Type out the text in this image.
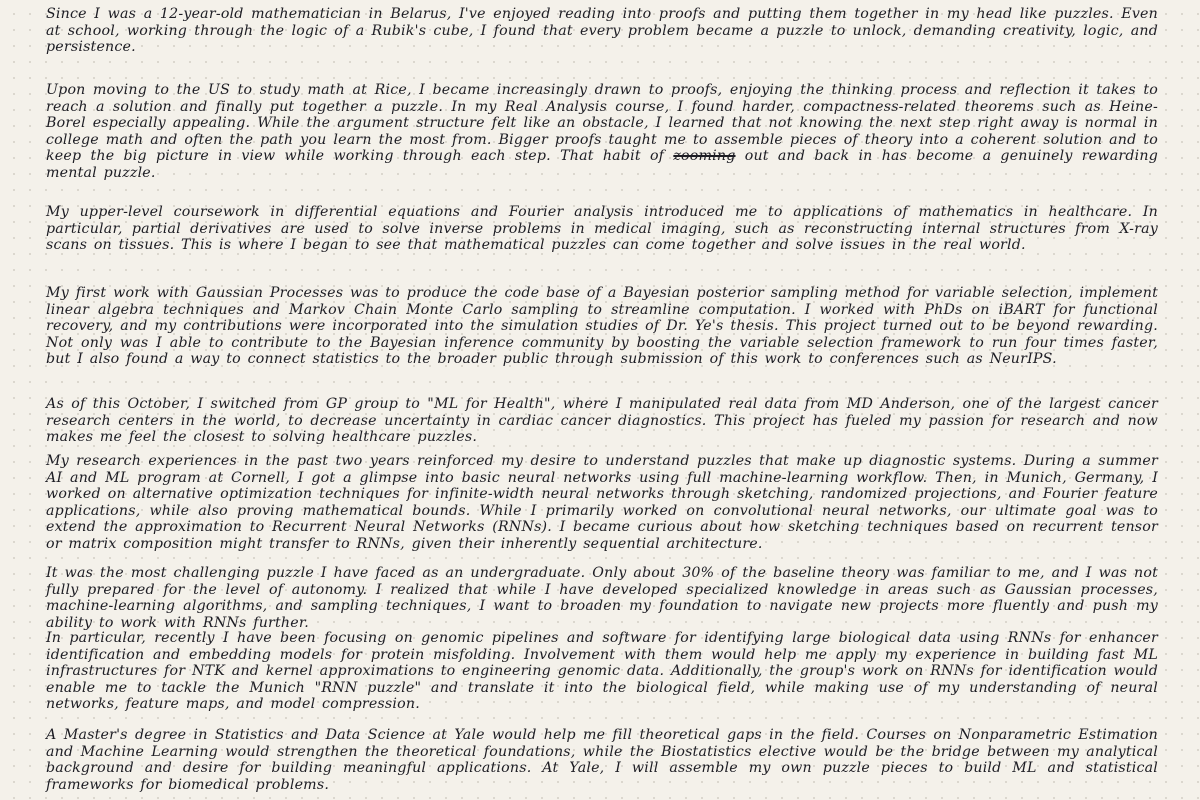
Since I was a 12-year-old mathematician in Belarus, I've enjoyed reading into proofs and putting them together in my head like puzzles. Even at school, working through the logic of a Rubik's cube, I found that every problem became a puzzle to unlock, demanding creativity, logic, and persistence.

Upon moving to the US to study math at Rice, I became increasingly drawn to proofs, enjoying the thinking process and reflection it takes to reach a solution and finally put together a puzzle. In my Real Analysis course, I found harder, compactness-related theorems such as Heine-Borel especially appealing. While the argument structure felt like an obstacle, I learned that not knowing the next step right away is normal in college math and often the path you learn the most from. Bigger proofs taught me to assemble pieces of theory into a coherent solution and to keep the big picture in view while working through each step. That habit of zooming out and back in has become a genuinely rewarding mental puzzle.

My upper-level coursework in differential equations and Fourier analysis introduced me to applications of mathematics in healthcare. In particular, partial derivatives are used to solve inverse problems in medical imaging, such as reconstructing internal structures from X-ray scans on tissues. This is where I began to see that mathematical puzzles can come together and solve issues in the real world.

My first work with Gaussian Processes was to produce the code base of a Bayesian posterior sampling method for variable selection, implement linear algebra techniques and Markov Chain Monte Carlo sampling to streamline computation. I worked with PhDs on iBART for functional recovery, and my contributions were incorporated into the simulation studies of Dr. Ye's thesis. This project turned out to be beyond rewarding. Not only was I able to contribute to the Bayesian inference community by boosting the variable selection framework to run four times faster, but I also found a way to connect statistics to the broader public through submission of this work to conferences such as NeurIPS.

As of this October, I switched from GP group to "ML for Health", where I manipulated real data from MD Anderson, one of the largest cancer research centers in the world, to decrease uncertainty in cardiac cancer diagnostics. This project has fueled my passion for research and now makes me feel the closest to solving healthcare puzzles.

My research experiences in the past two years reinforced my desire to understand puzzles that make up diagnostic systems. During a summer AI and ML program at Cornell, I got a glimpse into basic neural networks using full machine-learning workflow. Then, in Munich, Germany, I worked on alternative optimization techniques for infinite-width neural networks through sketching, randomized projections, and Fourier feature applications, while also proving mathematical bounds. While I primarily worked on convolutional neural networks, our ultimate goal was to extend the approximation to Recurrent Neural Networks (RNNs). I became curious about how sketching techniques based on recurrent tensor or matrix composition might transfer to RNNs, given their inherently sequential architecture.

It was the most challenging puzzle I have faced as an undergraduate. Only about 30% of the baseline theory was familiar to me, and I was not fully prepared for the level of autonomy. I realized that while I have developed specialized knowledge in areas such as Gaussian processes, machine-learning algorithms, and sampling techniques, I want to broaden my foundation to navigate new projects more fluently and push my ability to work with RNNs further.

In particular, recently I have been focusing on genomic pipelines and software for identifying large biological data using RNNs for enhancer identification and embedding models for protein misfolding. Involvement with them would help me apply my experience in building fast ML infrastructures for NTK and kernel approximations to engineering genomic data. Additionally, the group's work on RNNs for identification would enable me to tackle the Munich "RNN puzzle" and translate it into the biological field, while making use of my understanding of neural networks, feature maps, and model compression.

A Master's degree in Statistics and Data Science at Yale would help me fill theoretical gaps in the field. Courses on Nonparametric Estimation and Machine Learning would strengthen the theoretical foundations, while the Biostatistics elective would be the bridge between my analytical background and desire for building meaningful applications. At Yale, I will assemble my own puzzle pieces to build ML and statistical frameworks for biomedical problems.
